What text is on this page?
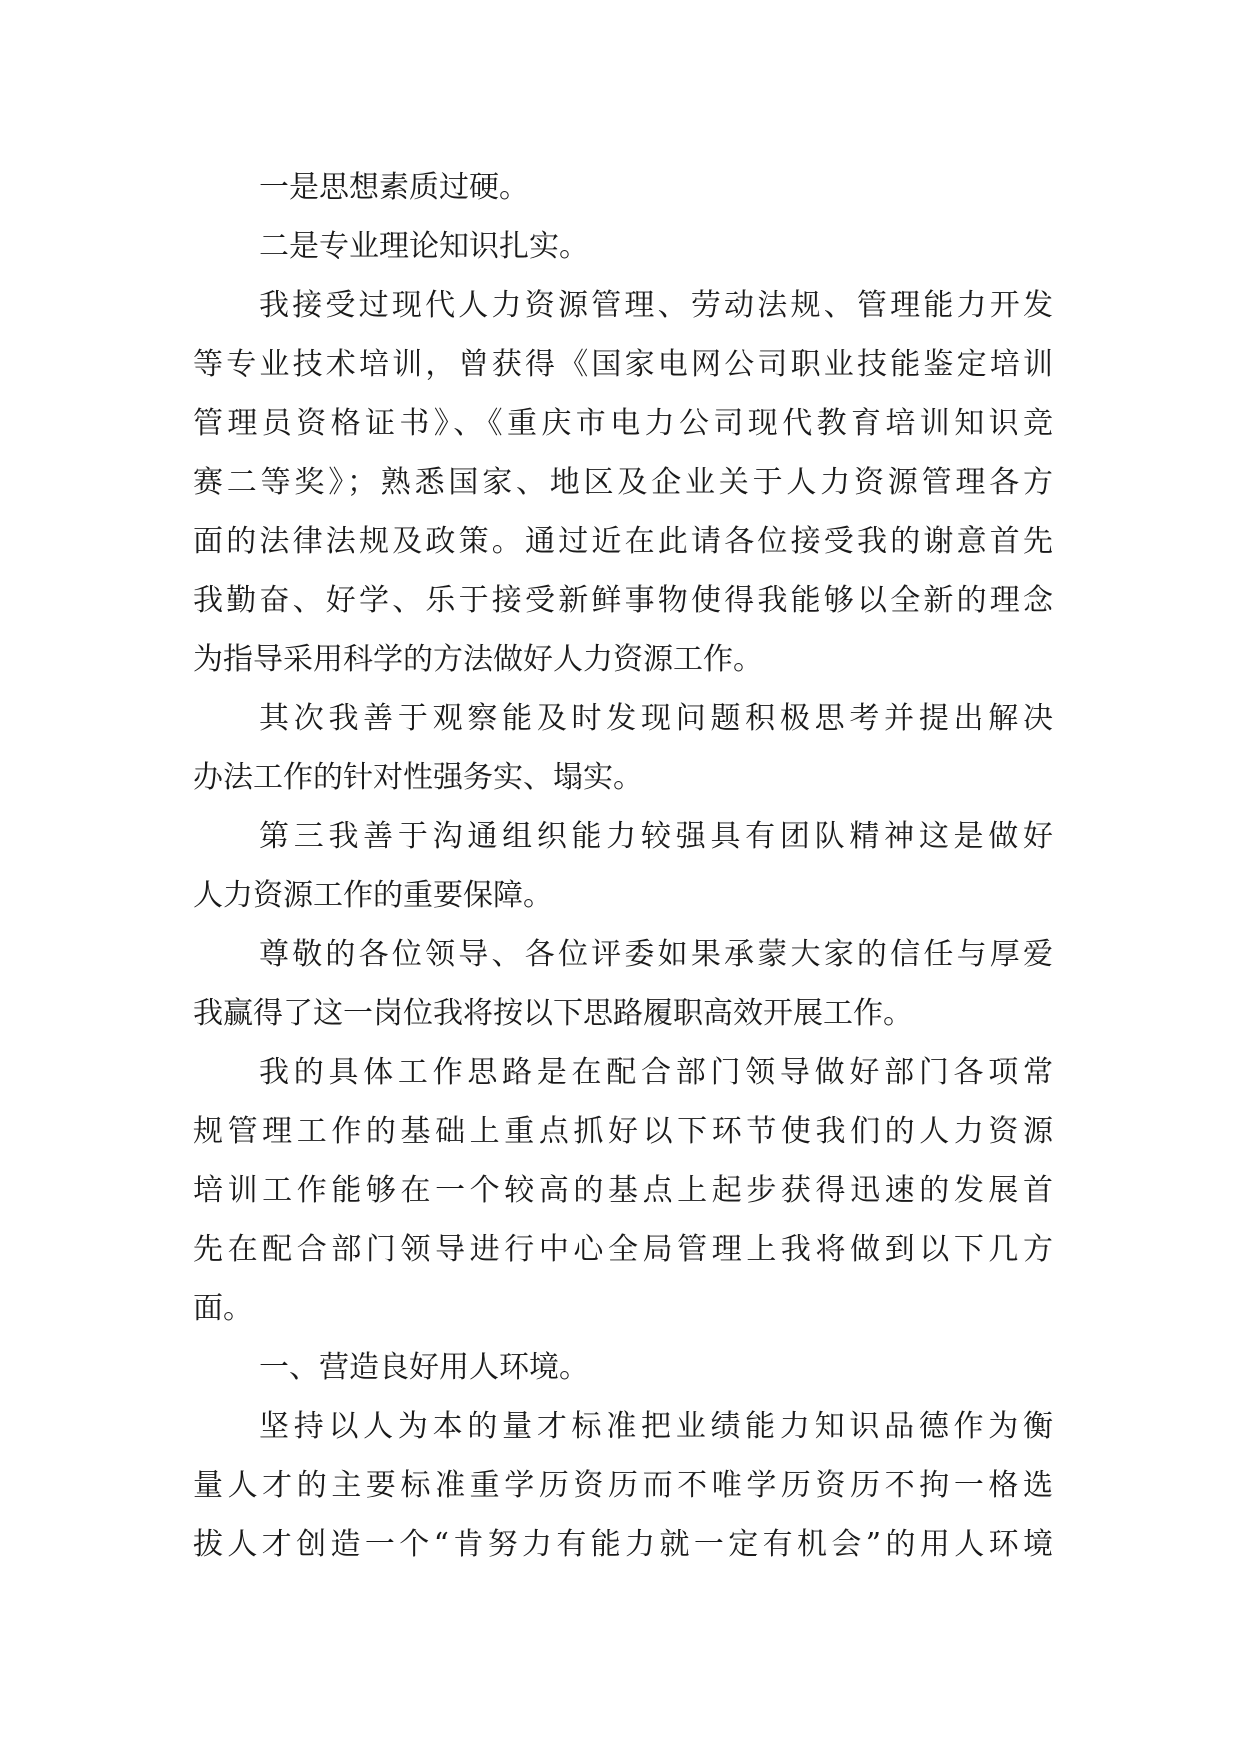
一是思想素质过硬。
二是专业理论知识扎实。
我接受过现代人力资源管理、劳动法规、管理能力开发
等专业技术培训，曾获得《国家电网公司职业技能鉴定培训
管理员资格证书》、《重庆市电力公司现代教育培训知识竞
赛二等奖》；熟悉国家、地区及企业关于人力资源管理各方
面的法律法规及政策。通过近在此请各位接受我的谢意首先
我勤奋、好学、乐于接受新鲜事物使得我能够以全新的理念
为指导采用科学的方法做好人力资源工作。
其次我善于观察能及时发现问题积极思考并提出解决
办法工作的针对性强务实、塌实。
第三我善于沟通组织能力较强具有团队精神这是做好
人力资源工作的重要保障。
尊敬的各位领导、各位评委如果承蒙大家的信任与厚爱
我赢得了这一岗位我将按以下思路履职高效开展工作。
我的具体工作思路是在配合部门领导做好部门各项常
规管理工作的基础上重点抓好以下环节使我们的人力资源
培训工作能够在一个较高的基点上起步获得迅速的发展首
先在配合部门领导进行中心全局管理上我将做到以下几方
面。
一、营造良好用人环境。
坚持以人为本的量才标准把业绩能力知识品德作为衡
量人才的主要标准重学历资历而不唯学历资历不拘一格选
拔人才创造一个“肯努力有能力就一定有机会”的用人环境
